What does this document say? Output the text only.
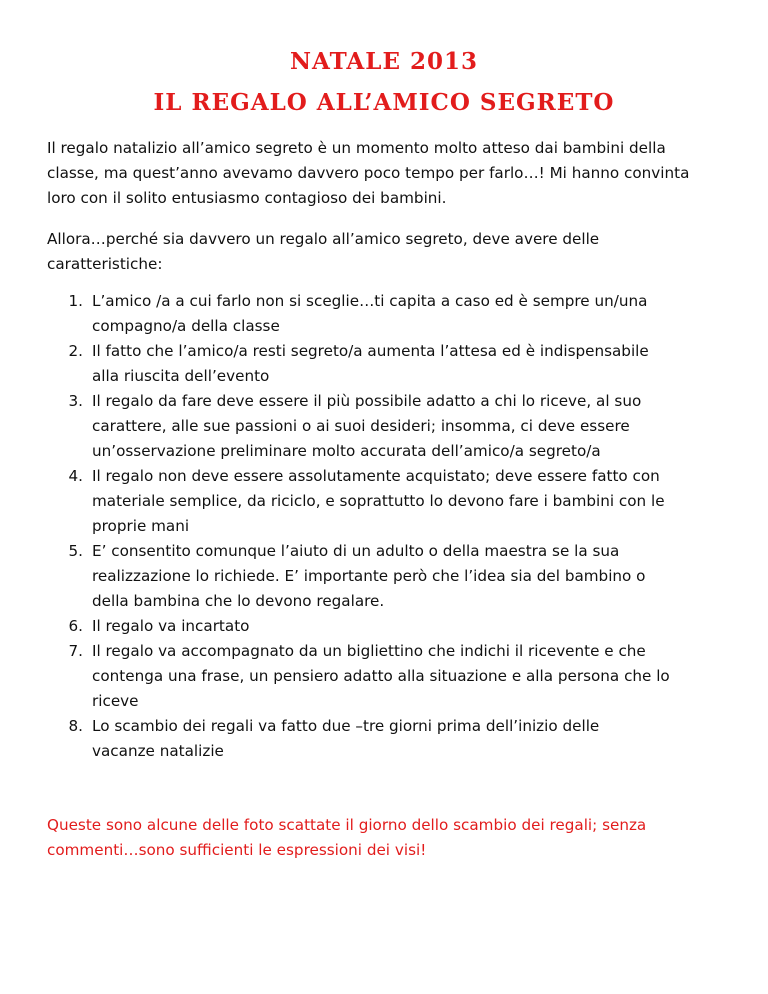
NATALE 2013
IL REGALO ALL’AMICO SEGRETO

Il regalo natalizio all’amico segreto è un momento molto atteso dai bambini della
classe, ma quest’anno avevamo davvero poco tempo per farlo…! Mi hanno convinta
loro con il solito entusiasmo contagioso dei bambini.

Allora…perché sia davvero un regalo all’amico segreto, deve avere delle
caratteristiche:

1. L’amico /a a cui farlo non si sceglie…ti capita a caso ed è sempre un/una
compagno/a della classe
2. Il fatto che l’amico/a resti segreto/a aumenta l’attesa ed è indispensabile
alla riuscita dell’evento
3. Il regalo da fare deve essere il più possibile adatto a chi lo riceve, al suo
carattere, alle sue passioni o ai suoi desideri; insomma, ci deve essere
un’osservazione preliminare molto accurata dell’amico/a segreto/a
4. Il regalo non deve essere assolutamente acquistato; deve essere fatto con
materiale semplice, da riciclo, e soprattutto lo devono fare i bambini con le
proprie mani
5. E’ consentito comunque l’aiuto di un adulto o della maestra se la sua
realizzazione lo richiede. E’ importante però che l’idea sia del bambino o
della bambina che lo devono regalare.
6. Il regalo va incartato
7. Il regalo va accompagnato da un bigliettino che indichi il ricevente e che
contenga una frase, un pensiero adatto alla situazione e alla persona che lo
riceve
8. Lo scambio dei regali va fatto due –tre giorni prima dell’inizio delle
vacanze natalizie

Queste sono alcune delle foto scattate il giorno dello scambio dei regali; senza
commenti…sono sufficienti le espressioni dei visi!
